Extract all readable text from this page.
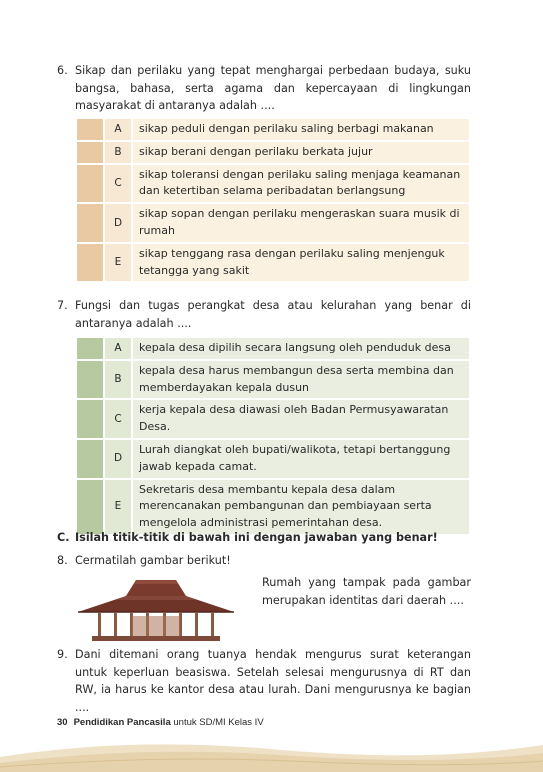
6. Sikap dan perilaku yang tepat menghargai perbedaan budaya, suku bangsa, bahasa, serta agama dan kepercayaan di lingkungan masyarakat di antaranya adalah ....
	A	sikap peduli dengan perilaku saling berbagi makanan
	B	sikap berani dengan perilaku berkata jujur
	C	sikap toleransi dengan perilaku saling menjaga keamanan dan ketertiban selama peribadatan berlangsung
	D	sikap sopan dengan perilaku mengeraskan suara musik di rumah
	E	sikap tenggang rasa dengan perilaku saling menjenguk tetangga yang sakit
7. Fungsi dan tugas perangkat desa atau kelurahan yang benar di antaranya adalah ....
	A	kepala desa dipilih secara langsung oleh penduduk desa
	B	kepala desa harus membangun desa serta membina dan memberdayakan kepala dusun
	C	kerja kepala desa diawasi oleh Badan Permusyawaratan Desa.
	D	Lurah diangkat oleh bupati/walikota, tetapi bertanggung jawab kepada camat.
	E	Sekretaris desa membantu kepala desa dalam merencanakan pembangunan dan pembiayaan serta mengelola administrasi pemerintahan desa.
C. Isilah titik-titik di bawah ini dengan jawaban yang benar!
8. Cermatilah gambar berikut!
Rumah yang tampak pada gambar merupakan identitas dari daerah ....
9. Dani ditemani orang tuanya hendak mengurus surat keterangan untuk keperluan beasiswa. Setelah selesai mengurusnya di RT dan RW, ia harus ke kantor desa atau lurah. Dani mengurusnya ke bagian ....
30 Pendidikan Pancasila untuk SD/MI Kelas IV
